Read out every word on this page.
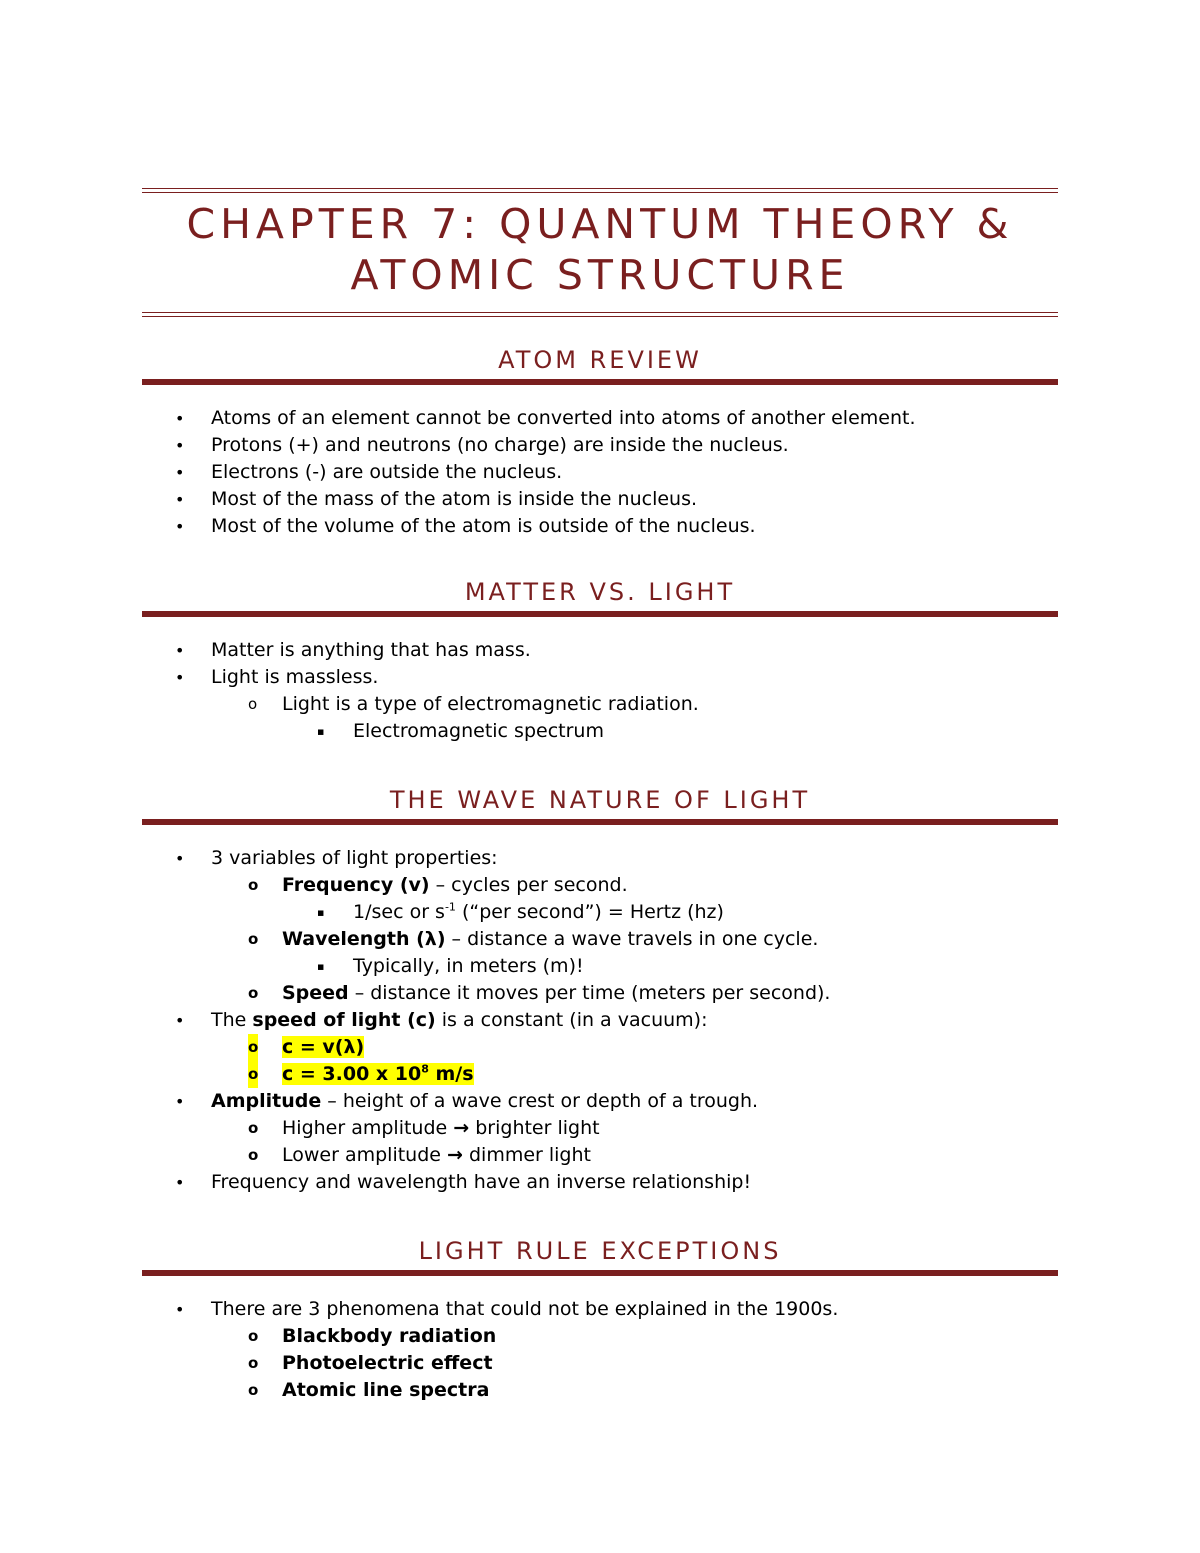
CHAPTER 7: QUANTUM THEORY &
ATOMIC STRUCTURE
ATOM REVIEW
• Atoms of an element cannot be converted into atoms of another element.
• Protons (+) and neutrons (no charge) are inside the nucleus.
• Electrons (-) are outside the nucleus.
• Most of the mass of the atom is inside the nucleus.
• Most of the volume of the atom is outside of the nucleus.
MATTER VS. LIGHT
• Matter is anything that has mass.
• Light is massless.
o Light is a type of electromagnetic radiation.
▪ Electromagnetic spectrum
THE WAVE NATURE OF LIGHT
• 3 variables of light properties:
o Frequency (v) – cycles per second.
▪ 1/sec or $s^{-1}$ (“per second”) = Hertz (hz)
o Wavelength (λ) – distance a wave travels in one cycle.
▪ Typically, in meters (m)!
o Speed – distance it moves per time (meters per second).
• The speed of light (c) is a constant (in a vacuum):
o c = v(λ)
o c = 3.00 x $10^8$ m/s
• Amplitude – height of a wave crest or depth of a trough.
o Higher amplitude → brighter light
o Lower amplitude → dimmer light
• Frequency and wavelength have an inverse relationship!
LIGHT RULE EXCEPTIONS
• There are 3 phenomena that could not be explained in the 1900s.
o Blackbody radiation
o Photoelectric effect
o Atomic line spectra
